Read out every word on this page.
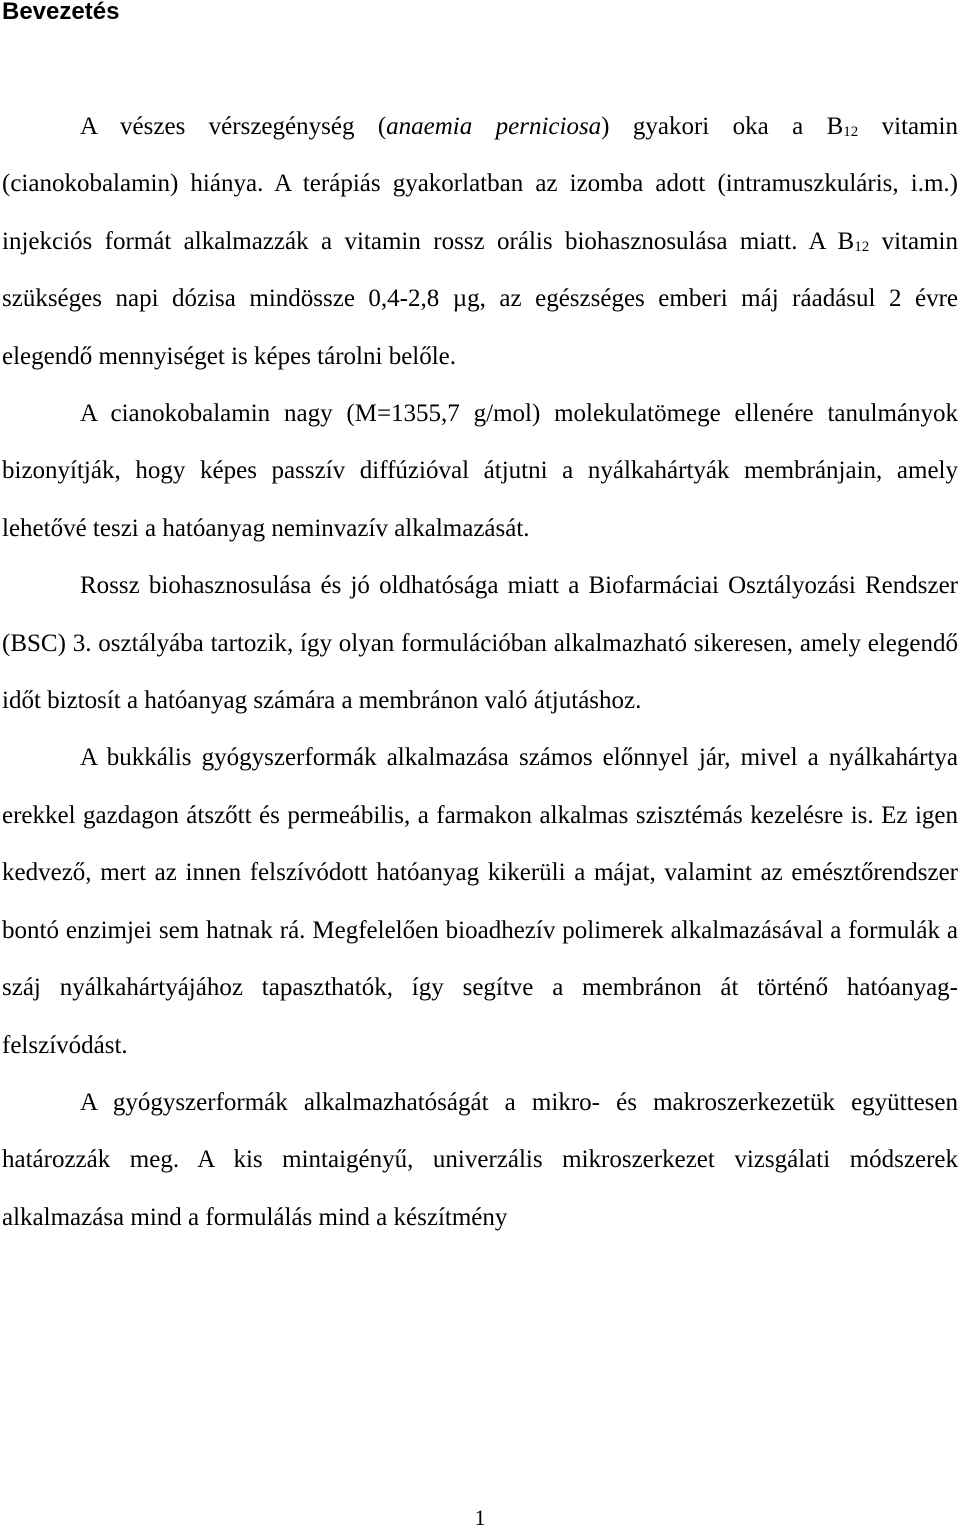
Bevezetés

A vészes vérszegénység (anaemia perniciosa) gyakori oka a $B_{12}$ vitamin (cianokobalamin) hiánya. A terápiás gyakorlatban az izomba adott (intramuszkuláris, i.m.) injekciós formát alkalmazzák a vitamin rossz orális biohasznosulása miatt. A $B_{12}$ vitamin szükséges napi dózisa mindössze 0,4-2,8 µg, az egészséges emberi máj ráadásul 2 évre elegendő mennyiséget is képes tárolni belőle.

A cianokobalamin nagy (M=1355,7 g/mol) molekulatömege ellenére tanulmányok bizonyítják, hogy képes passzív diffúzióval átjutni a nyálkahártyák membránjain, amely lehetővé teszi a hatóanyag neminvazív alkalmazását.

Rossz biohasznosulása és jó oldhatósága miatt a Biofarmáciai Osztályozási Rendszer (BSC) 3. osztályába tartozik, így olyan formulációban alkalmazható sikeresen, amely elegendő időt biztosít a hatóanyag számára a membránon való átjutáshoz.

A bukkális gyógyszerformák alkalmazása számos előnnyel jár, mivel a nyálkahártya erekkel gazdagon átszőtt és permeábilis, a farmakon alkalmas szisztémás kezelésre is. Ez igen kedvező, mert az innen felszívódott hatóanyag kikerüli a májat, valamint az emésztőrendszer bontó enzimjei sem hatnak rá. Megfelelően bioadhezív polimerek alkalmazásával a formulák a száj nyálkahártyájához tapaszthatók, így segítve a membránon át történő hatóanyag-felszívódást.

A gyógyszerformák alkalmazhatóságát a mikro- és makroszerkezetük együttesen határozzák meg. A kis mintaigényű, univerzális mikroszerkezet vizsgálati módszerek alkalmazása mind a formulálás mind a készítmény

1
